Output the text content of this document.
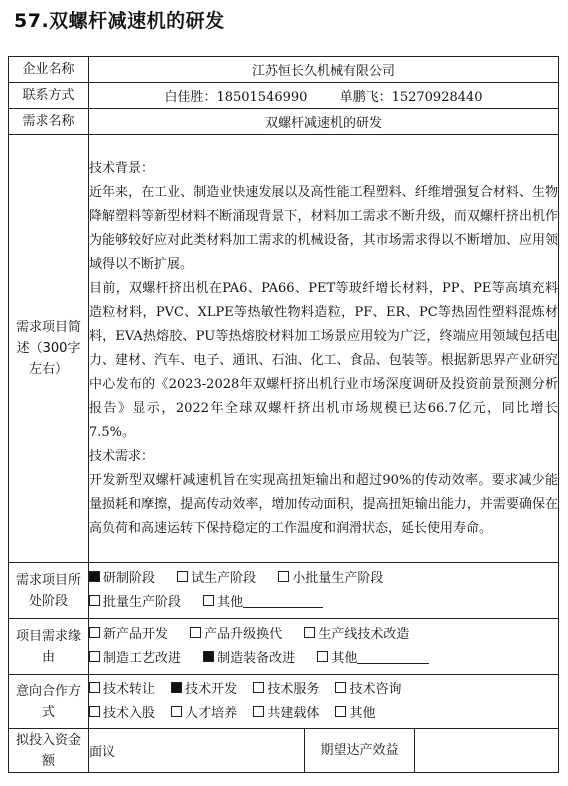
57.双螺杆减速机的研发
企业名称	江苏恒长久机械有限公司		
联系方式	白佳胜：18501546990 单鹏飞：15270928440		
需求名称	双螺杆减速机的研发		
需求项目简述（300字左右）	技术背景：

近年来，在工业、制造业快速发展以及高性能工程塑料、纤维增强复合材料、生物降解塑料等新型材料不断涌现背景下，材料加工需求不断升级，而双螺杆挤出机作为能够较好应对此类材料加工需求的机械设备，其市场需求得以不断增加、应用领域得以不断扩展。

目前，双螺杆挤出机在PA6、PA66、PET等玻纤增长材料，PP、PE等高填充料造粒材料，PVC、XLPE等热敏性物料造粒，PF、ER、PC等热固性塑料混炼材料，EVA热熔胶、PU等热熔胶材料加工场景应用较为广泛，终端应用领域包括电力、建材、汽车、电子、通讯、石油、化工、食品、包装等。根据新思界产业研究中心发布的《2023-2028年双螺杆挤出机行业市场深度调研及投资前景预测分析报告》显示，2022年全球双螺杆挤出机市场规模已达66.7亿元，同比增长7.5%。

技术需求：

开发新型双螺杆减速机旨在实现高扭矩输出和超过90%的传动效率。要求减少能量损耗和摩擦，提高传动效率，增加传动面积，提高扭矩输出能力，并需要确保在高负荷和高速运转下保持稳定的工作温度和润滑状态，延长使用寿命。		

需求项目所处阶段	研制阶段 试生产阶段 小批量生产阶段
批量生产阶段 其他		

项目需求缘由	新产品开发 产品升级换代 生产线技术改造
制造工艺改进 制造装备改进 其他		

意向合作方式	技术转让 技术开发 技术服务 技术咨询
技术入股 人才培养 共建载体 其他		

拟投入资金额	面议	期望达产效益	
